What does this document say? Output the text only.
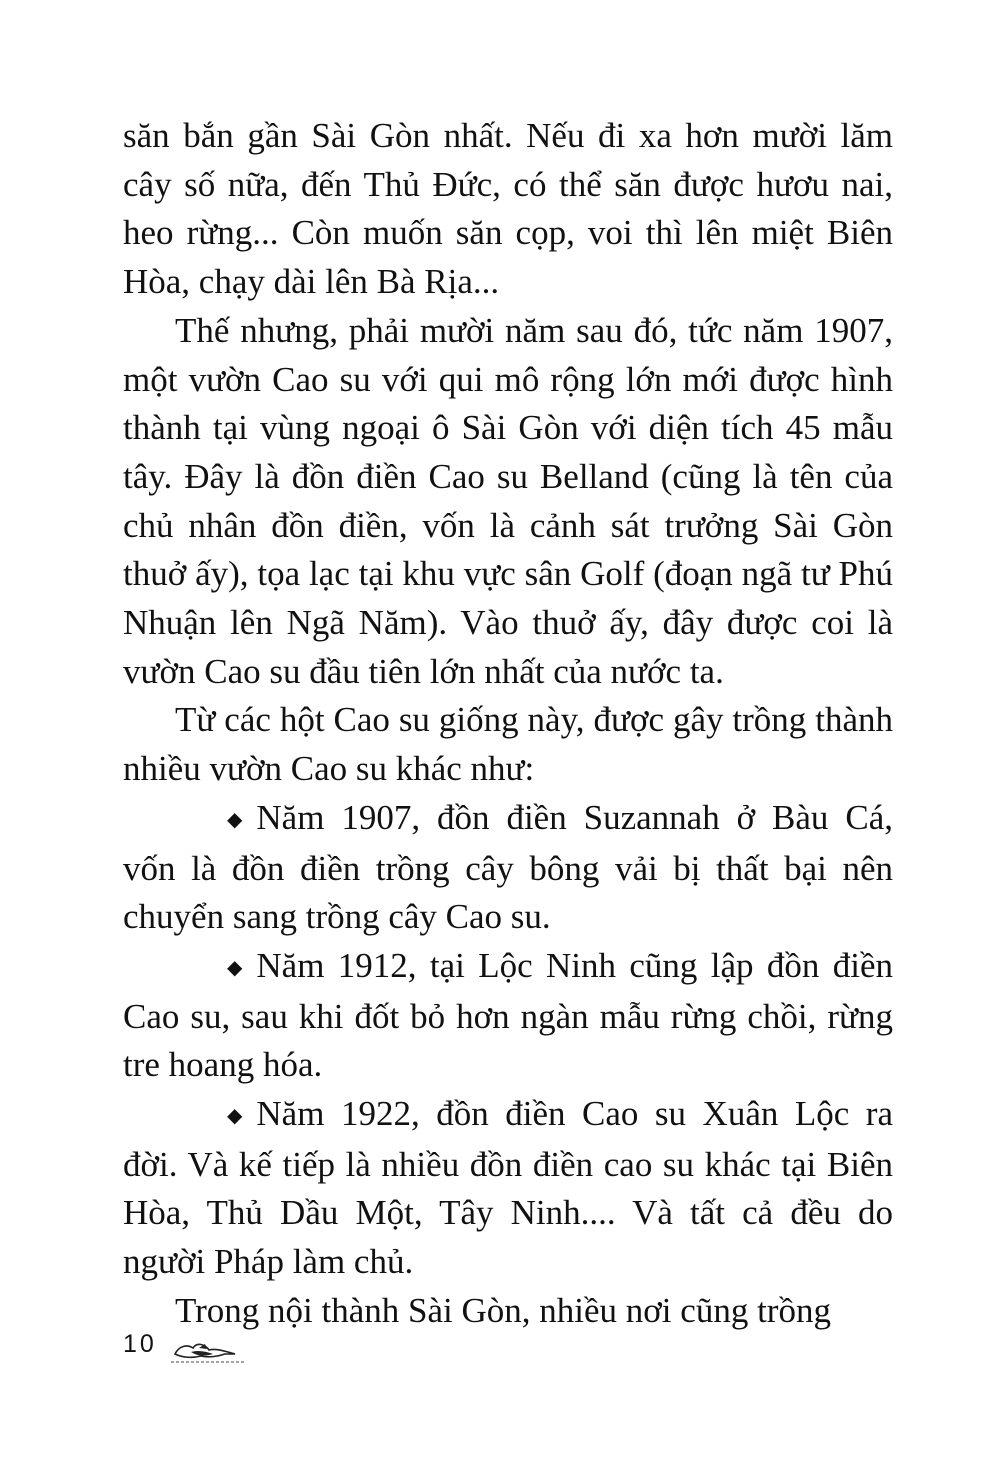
săn bắn gần Sài Gòn nhất. Nếu đi xa hơn mười lăm cây số nữa, đến Thủ Đức, có thể săn được hươu nai, heo rừng... Còn muốn săn cọp, voi thì lên miệt Biên Hòa, chạy dài lên Bà Rịa...

Thế nhưng, phải mười năm sau đó, tức năm 1907, một vườn Cao su với qui mô rộng lớn mới được hình thành tại vùng ngoại ô Sài Gòn với diện tích 45 mẫu tây. Đây là đồn điền Cao su Belland (cũng là tên của chủ nhân đồn điền, vốn là cảnh sát trưởng Sài Gòn thuở ấy), tọa lạc tại khu vực sân Golf (đoạn ngã tư Phú Nhuận lên Ngã Năm). Vào thuở ấy, đây được coi là vườn Cao su đầu tiên lớn nhất của nước ta.

Từ các hột Cao su giống này, được gây trồng thành nhiều vườn Cao su khác như:

◆ Năm 1907, đồn điền Suzannah ở Bàu Cá, vốn là đồn điền trồng cây bông vải bị thất bại nên chuyển sang trồng cây Cao su.

◆ Năm 1912, tại Lộc Ninh cũng lập đồn điền Cao su, sau khi đốt bỏ hơn ngàn mẫu rừng chồi, rừng tre hoang hóa.

◆ Năm 1922, đồn điền Cao su Xuân Lộc ra đời. Và kế tiếp là nhiều đồn điền cao su khác tại Biên Hòa, Thủ Dầu Một, Tây Ninh.... Và tất cả đều do người Pháp làm chủ.

Trong nội thành Sài Gòn, nhiều nơi cũng trồng

10
